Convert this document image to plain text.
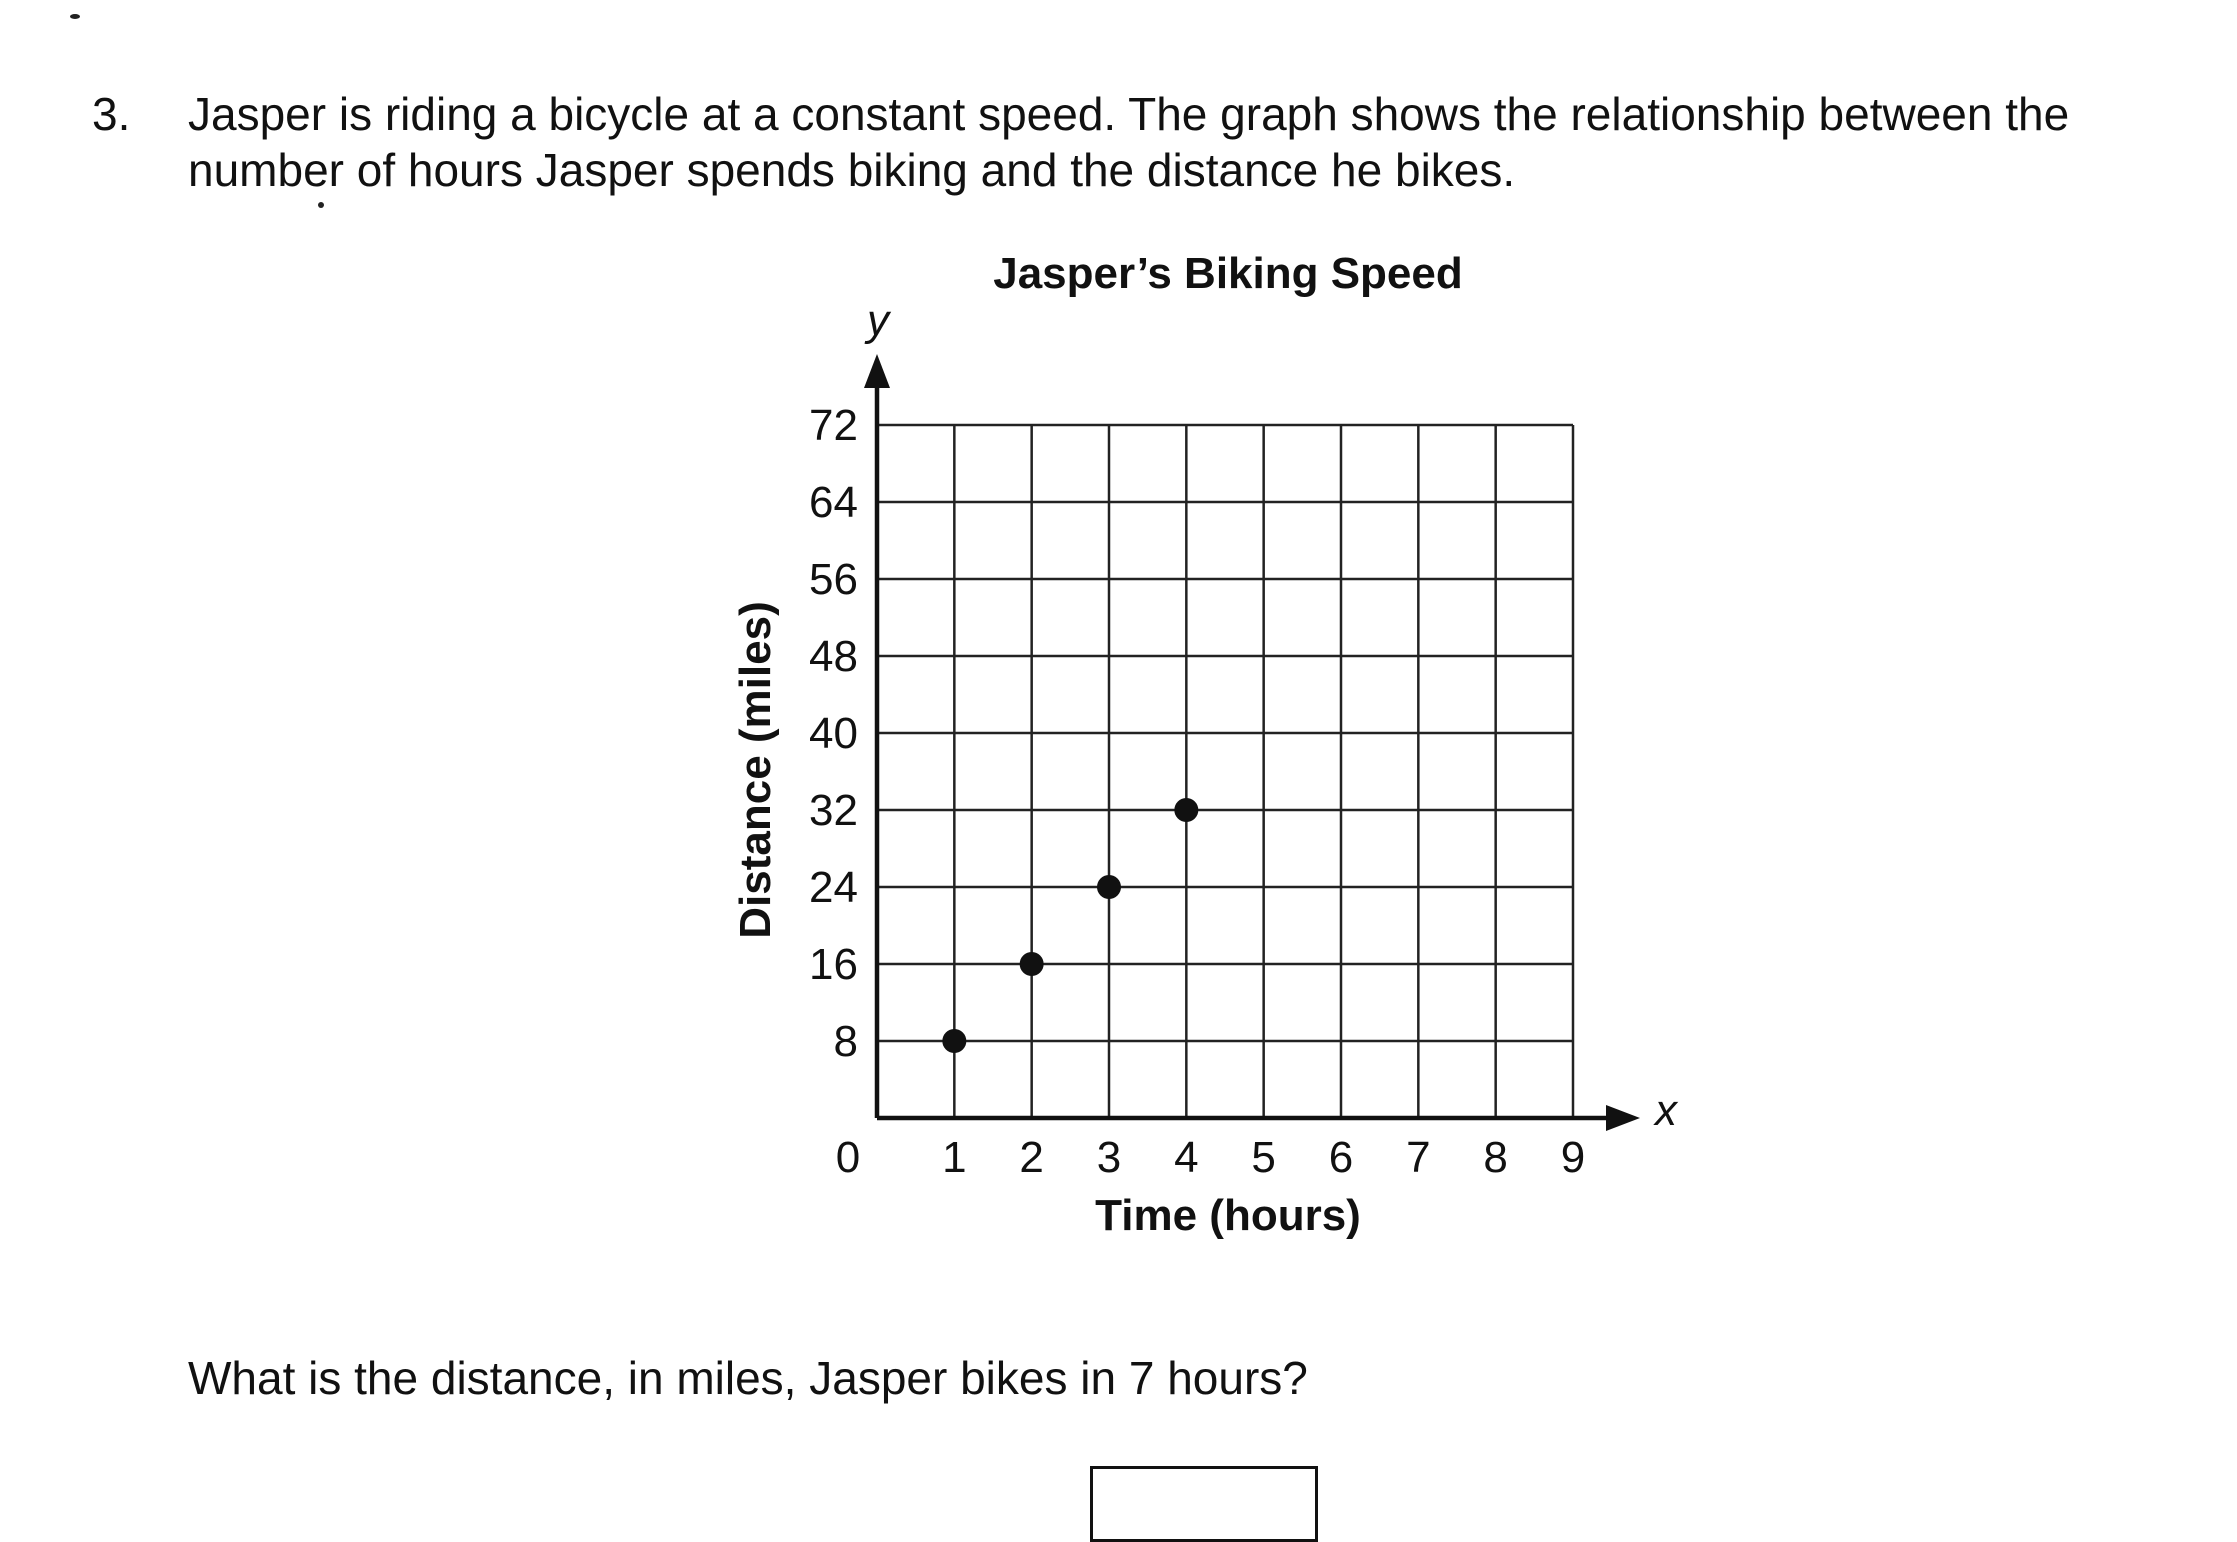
3. Jasper is riding a bicycle at a constant speed. The graph shows the relationship between the number of hours Jasper spends biking and the distance he bikes.
Jasper’s Biking Speed
1 2 3 4 5 6 7 8 9
8
16
24
32
40
48
56
64
72
Time (hours)
Distance (miles)
x
y
0
What is the distance, in miles, Jasper bikes in 7 hours?
